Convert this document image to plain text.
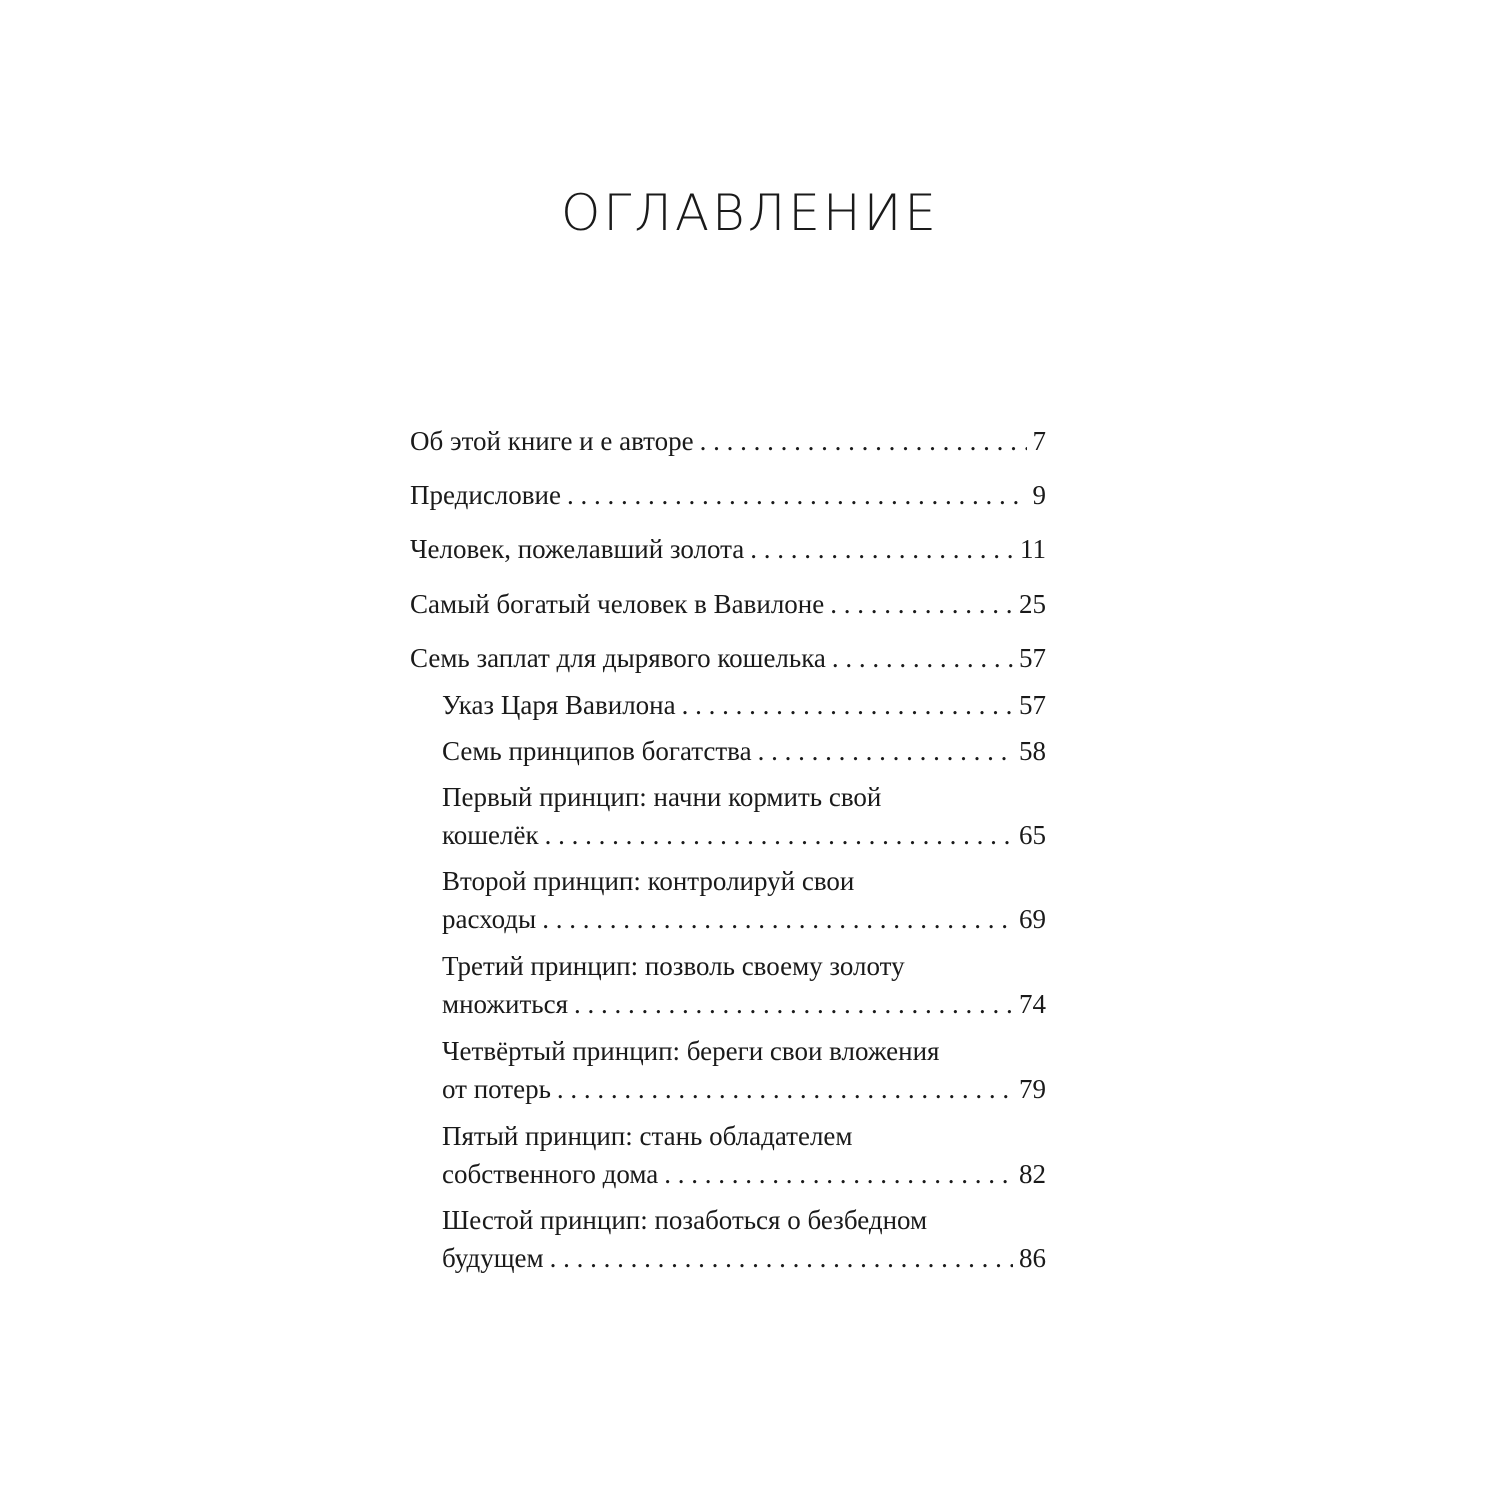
ОГЛАВЛЕНИЕ
Об этой книге и е авторе . . .	7
Предисловие . . .	9
Человек, пожелавший золота . . .	11
Самый богатый человек в Вавилоне . . .	25
Семь заплат для дырявого кошелька . . .	57
Указ Царя Вавилона . . .	57
Семь принципов богатства . . .	58
Первый принцип: начни кормить свой
кошелёк . . .	65
Второй принцип: контролируй свои
расходы . . .	69
Третий принцип: позволь своему золоту
множиться . . .	74
Четвёртый принцип: береги свои вложения
от потерь . . .	79
Пятый принцип: стань обладателем
собственного дома . . .	82
Шестой принцип: позаботься о безбедном
будущем . . .	86
